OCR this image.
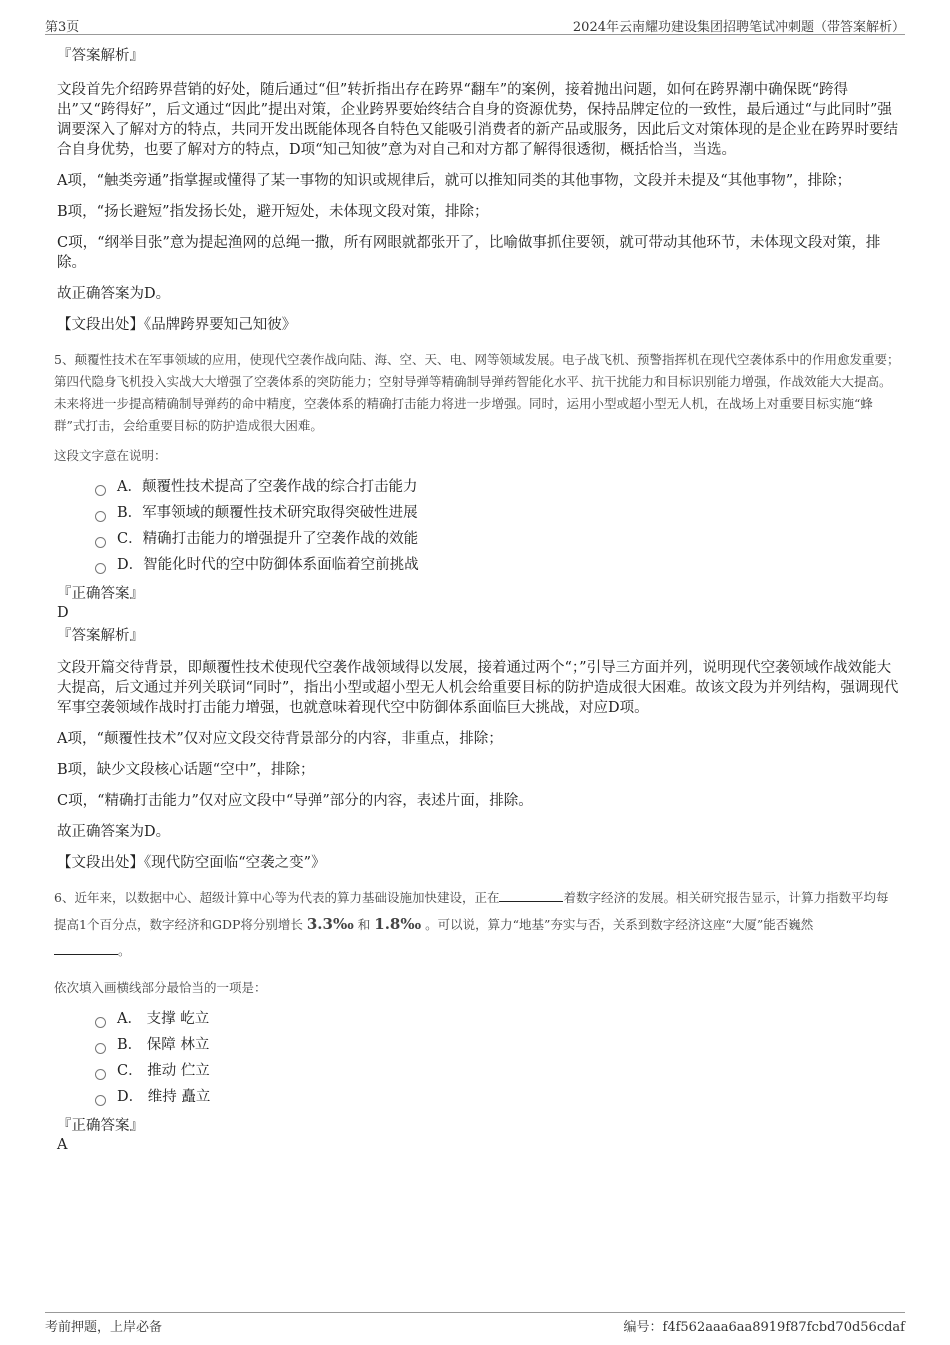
第3页	2024年云南耀功建设集团招聘笔试冲刺题（带答案解析）
『答案解析』
文段首先介绍跨界营销的好处，随后通过“但”转折指出存在跨界“翻车”的案例，接着抛出问题，如何在跨界潮中确保既“跨得出”又“跨得好”，后文通过“因此”提出对策，企业跨界要始终结合自身的资源优势，保持品牌定位的一致性，最后通过“与此同时”强调要深入了解对方的特点，共同开发出既能体现各自特色又能吸引消费者的新产品或服务，因此后文对策体现的是企业在跨界时要结合自身优势，也要了解对方的特点，D项“知己知彼”意为对自己和对方都了解得很透彻，概括恰当，当选。
A项，“触类旁通”指掌握或懂得了某一事物的知识或规律后，就可以推知同类的其他事物，文段并未提及“其他事物”，排除；
B项，“扬长避短”指发扬长处，避开短处，未体现文段对策，排除；
C项，“纲举目张”意为提起渔网的总绳一撒，所有网眼就都张开了，比喻做事抓住要领，就可带动其他环节，未体现文段对策，排除。
故正确答案为D。
【文段出处】《品牌跨界要知己知彼》
5、颠覆性技术在军事领域的应用，使现代空袭作战向陆、海、空、天、电、网等领域发展。电子战飞机、预警指挥机在现代空袭体系中的作用愈发重要；第四代隐身飞机投入实战大大增强了空袭体系的突防能力；空射导弹等精确制导弹药智能化水平、抗干扰能力和目标识别能力增强，作战效能大大提高。未来将进一步提高精确制导弹药的命中精度，空袭体系的精确打击能力将进一步增强。同时，运用小型或超小型无人机，在战场上对重要目标实施“蜂群”式打击，会给重要目标的防护造成很大困难。
这段文字意在说明：
A．颠覆性技术提高了空袭作战的综合打击能力
B．军事领域的颠覆性技术研究取得突破性进展
C．精确打击能力的增强提升了空袭作战的效能
D．智能化时代的空中防御体系面临着空前挑战
『正确答案』
D
『答案解析』
文段开篇交待背景，即颠覆性技术使现代空袭作战领域得以发展，接着通过两个“；”引导三方面并列，说明现代空袭领域作战效能大大提高，后文通过并列关联词“同时”，指出小型或超小型无人机会给重要目标的防护造成很大困难。故该文段为并列结构，强调现代军事空袭领域作战时打击能力增强，也就意味着现代空中防御体系面临巨大挑战，对应D项。
A项，“颠覆性技术”仅对应文段交待背景部分的内容，非重点，排除；
B项，缺少文段核心话题“空中”，排除；
C项，“精确打击能力”仅对应文段中“导弹”部分的内容，表述片面，排除。
故正确答案为D。
【文段出处】《现代防空面临“空袭之变”》
6、近年来，以数据中心、超级计算中心等为代表的算力基础设施加快建设，正在	着数字经济的发展。相关研究报告显示，计算力指数平均每提高1个百分点，数字经济和GDP将分别增长 3.3‰ 和 1.8‰ 。可以说，算力“地基”夯实与否，关系到数字经济这座“大厦”能否巍然
。
依次填入画横线部分最恰当的一项是：
A． 支撑 屹立
B． 保障 林立
C． 推动 伫立
D． 维持 矗立
『正确答案』
A
考前押题，上岸必备	编号：f4f562aaa6aa8919f87fcbd70d56cdaf
